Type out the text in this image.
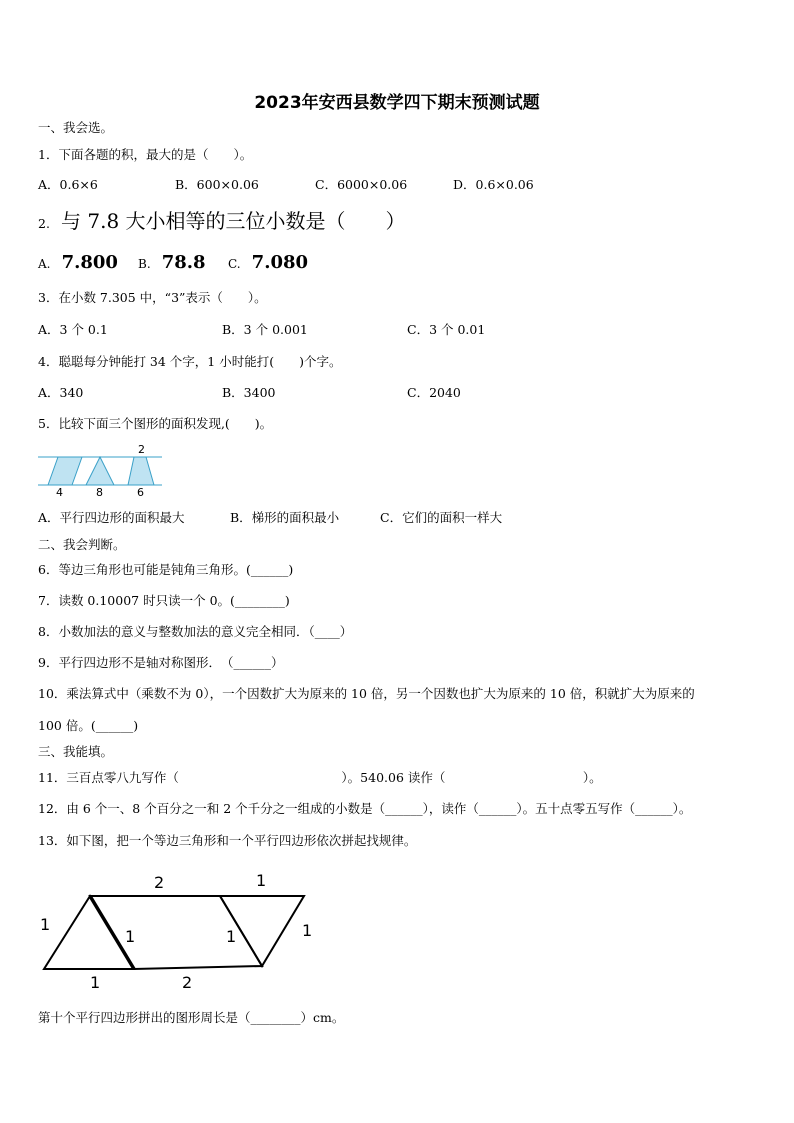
2023年安西县数学四下期末预测试题
一、我会选。
1．下面各题的积，最大的是（　　）。
A．0.6×6	B．600×0.06	C．6000×0.06	D．0.6×0.06
2. 与 7.8 大小相等的三位小数是（　　）
A. 7.800 B. 78.8 C. 7.080
3．在小数 7.305 中，“3”表示（　　）。
A．3 个 0.1	B．3 个 0.001	C．3 个 0.01
4．聪聪每分钟能打 34 个字，1 小时能打(　　)个字。
A．340	B．3400	C．2040
5．比较下面三个图形的面积发现,(　　)。
2
4	8	6
A．平行四边形的面积最大	B．梯形的面积最小	C．它们的面积一样大
二、我会判断。
6．等边三角形也可能是钝角三角形。(______)
7．读数 0.10007 时只读一个 0。(________)
8．小数加法的意义与整数加法的意义完全相同．（____）
9．平行四边形不是轴对称图形．　（______）
10．乘法算式中（乘数不为 0），一个因数扩大为原来的 10 倍，另一个因数也扩大为原来的 10 倍，积就扩大为原来的
100 倍。(______)
三、我能填。
11．三百点零八九写作（　　　　　　　　　　　　　）。540.06 读作（　　　　　　　　　　　）。
12．由 6 个一、8 个百分之一和 2 个千分之一组成的小数是（______），读作（______）。五十点零五写作（______）。
13．如下图，把一个等边三角形和一个平行四边形依次拼起找规律。
1
1
1
2
2
1
1	1
第十个平行四边形拼出的图形周长是（________）cm。
